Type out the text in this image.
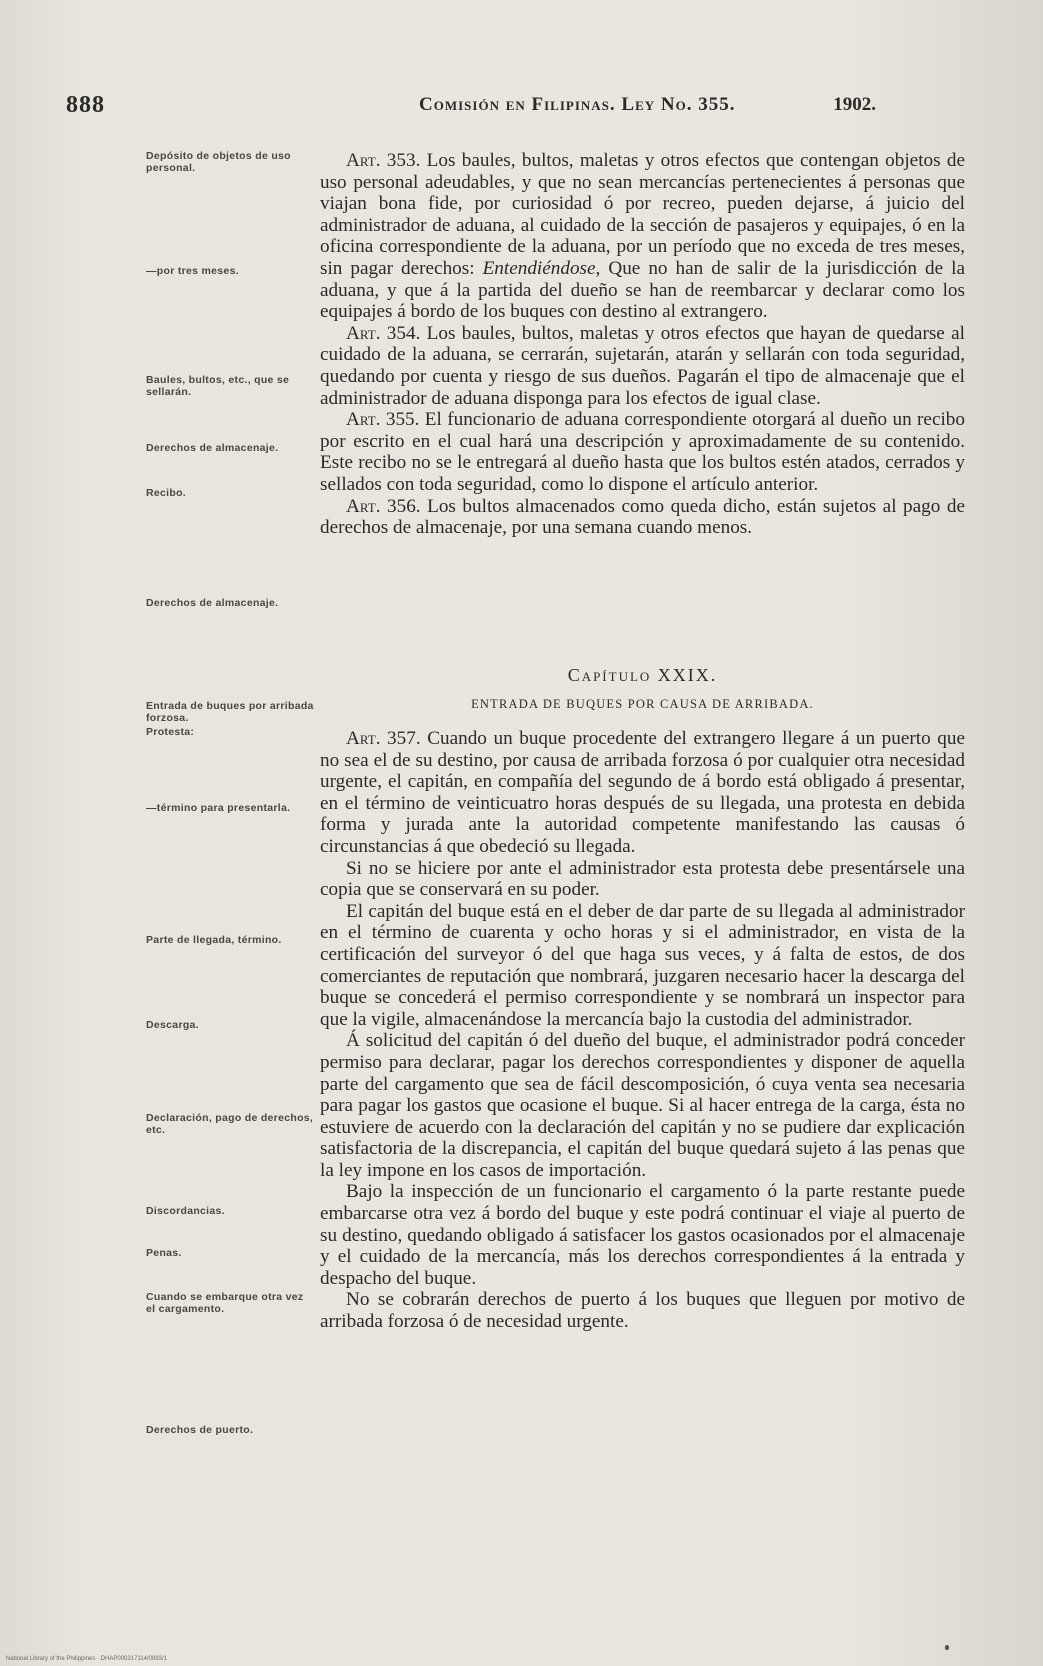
888	Comisión en Filipinas. Ley No. 355.	1902.
Depósito de objetos de uso personal.
—por tres meses.
Baules, bultos, etc., que se sellarán.
Derechos de almacenaje.
Recibo.
Derechos de almacenaje.
Entrada de buques por arribada forzosa.
Protesta:
—término para presentarla.
Parte de llegada, término.
Descarga.
Declaración, pago de derechos, etc.
Discordancias.
Penas.
Cuando se embarque otra vez el cargamento.
Derechos de puerto.

Art. 353. Los baules, bultos, maletas y otros efectos que contengan objetos de uso personal adeudables, y que no sean mercancías pertenecientes á personas que viajan bona fide, por curiosidad ó por recreo, pueden dejarse, á juicio del administrador de aduana, al cuidado de la sección de pasajeros y equipajes, ó en la oficina correspondiente de la aduana, por un período que no exceda de tres meses, sin pagar derechos: Entendiéndose, Que no han de salir de la jurisdicción de la aduana, y que á la partida del dueño se han de reembarcar y declarar como los equipajes á bordo de los buques con destino al extrangero.

Art. 354. Los baules, bultos, maletas y otros efectos que hayan de quedarse al cuidado de la aduana, se cerrarán, sujetarán, atarán y sellarán con toda seguridad, quedando por cuenta y riesgo de sus dueños. Pagarán el tipo de almacenaje que el administrador de aduana disponga para los efectos de igual clase.

Art. 355. El funcionario de aduana correspondiente otorgará al dueño un recibo por escrito en el cual hará una descripción y aproximadamente de su contenido. Este recibo no se le entregará al dueño hasta que los bultos estén atados, cerrados y sellados con toda seguridad, como lo dispone el artículo anterior.

Art. 356. Los bultos almacenados como queda dicho, están sujetos al pago de derechos de almacenaje, por una semana cuando menos.

Capítulo XXIX.
ENTRADA DE BUQUES POR CAUSA DE ARRIBADA.

Art. 357. Cuando un buque procedente del extrangero llegare á un puerto que no sea el de su destino, por causa de arribada forzosa ó por cualquier otra necesidad urgente, el capitán, en compañía del segundo de á bordo está obligado á presentar, en el término de veinticuatro horas después de su llegada, una protesta en debida forma y jurada ante la autoridad competente manifestando las causas ó circunstancias á que obedeció su llegada.

Si no se hiciere por ante el administrador esta protesta debe presentársele una copia que se conservará en su poder.

El capitán del buque está en el deber de dar parte de su llegada al administrador en el término de cuarenta y ocho horas y si el administrador, en vista de la certificación del surveyor ó del que haga sus veces, y á falta de estos, de dos comerciantes de reputación que nombrará, juzgaren necesario hacer la descarga del buque se concederá el permiso correspondiente y se nombrará un inspector para que la vigile, almacenándose la mercancía bajo la custodia del administrador.

Á solicitud del capitán ó del dueño del buque, el administrador podrá conceder permiso para declarar, pagar los derechos correspondientes y disponer de aquella parte del cargamento que sea de fácil descomposición, ó cuya venta sea necesaria para pagar los gastos que ocasione el buque. Si al hacer entrega de la carga, ésta no estuviere de acuerdo con la declaración del capitán y no se pudiere dar explicación satisfactoria de la discrepancia, el capitán del buque quedará sujeto á las penas que la ley impone en los casos de importación.

Bajo la inspección de un funcionario el cargamento ó la parte restante puede embarcarse otra vez á bordo del buque y este podrá continuar el viaje al puerto de su destino, quedando obligado á satisfacer los gastos ocasionados por el almacenaje y el cuidado de la mercancía, más los derechos correspondientes á la entrada y despacho del buque.

No se cobrarán derechos de puerto á los buques que lleguen por motivo de arribada forzosa ó de necesidad urgente.

National Library of the Philippines · DHAP000317114/0893/1
